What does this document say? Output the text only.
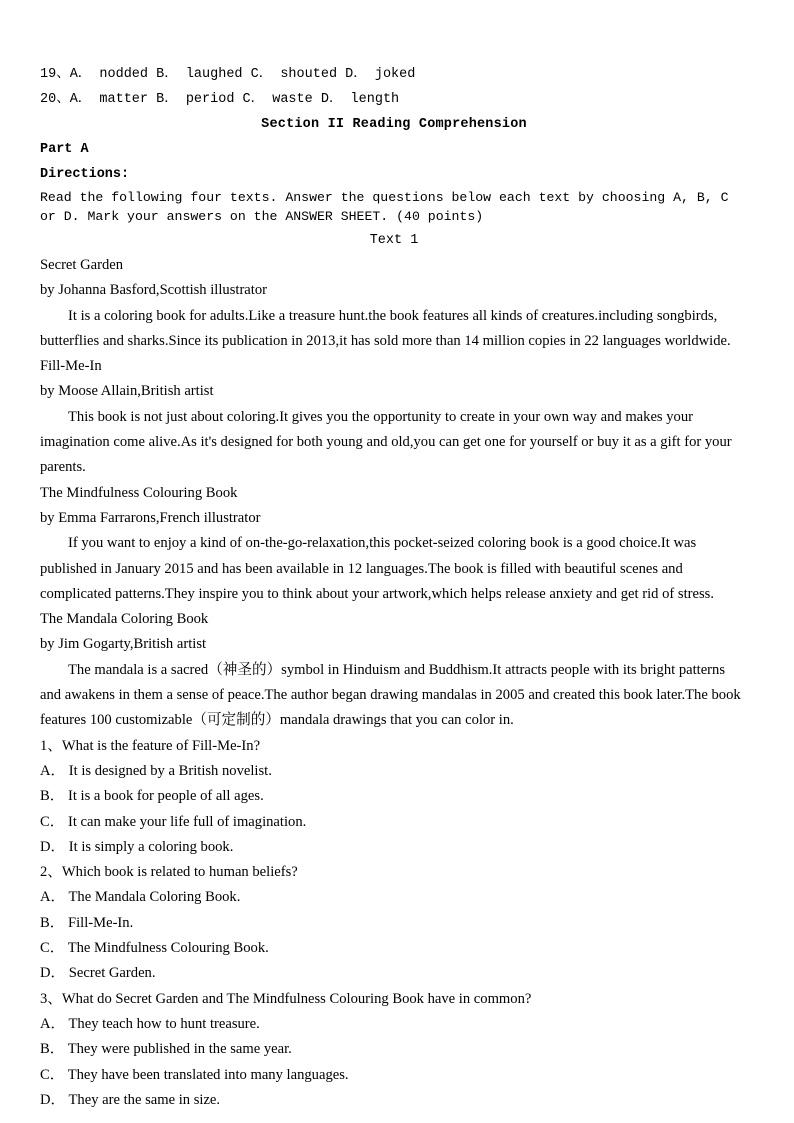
19、A． nodded B． laughed C． shouted D． joked
20、A． matter B． period C． waste D． length
Section II Reading Comprehension
Part A
Directions:
Read the following four texts. Answer the questions below each text by choosing A, B, C or D. Mark your answers on the ANSWER SHEET. (40 points)
Text 1
Secret Garden
by Johanna Basford,Scottish illustrator
It is a coloring book for adults.Like a treasure hunt.the book features all kinds of creatures.including songbirds, butterflies and sharks.Since its publication in 2013,it has sold more than 14 million copies in 22 languages worldwide.
Fill-Me-In
by Moose Allain,British artist
This book is not just about coloring.It gives you the opportunity to create in your own way and makes your imagination come alive.As it's designed for both young and old,you can get one for yourself or buy it as a gift for your parents.
The Mindfulness Colouring Book
by Emma Farrarons,French illustrator
If you want to enjoy a kind of on-the-go-relaxation,this pocket-seized coloring book is a good choice.It was published in January 2015 and has been available in 12 languages.The book is filled with beautiful scenes and complicated patterns.They inspire you to think about your artwork,which helps release anxiety and get rid of stress.
The Mandala Coloring Book
by Jim Gogarty,British artist
The mandala is a sacred（神圣的）symbol in Hinduism and Buddhism.It attracts people with its bright patterns and awakens in them a sense of peace.The author began drawing mandalas in 2005 and created this book later.The book features 100 customizable（可定制的）mandala drawings that you can color in.
1、What is the feature of Fill-Me-In?
A． It is designed by a British novelist.
B． It is a book for people of all ages.
C． It can make your life full of imagination.
D． It is simply a coloring book.
2、Which book is related to human beliefs?
A． The Mandala Coloring Book.
B． Fill-Me-In.
C． The Mindfulness Colouring Book.
D． Secret Garden.
3、What do Secret Garden and The Mindfulness Colouring Book have in common?
A． They teach how to hunt treasure.
B． They were published in the same year.
C． They have been translated into many languages.
D． They are the same in size.
